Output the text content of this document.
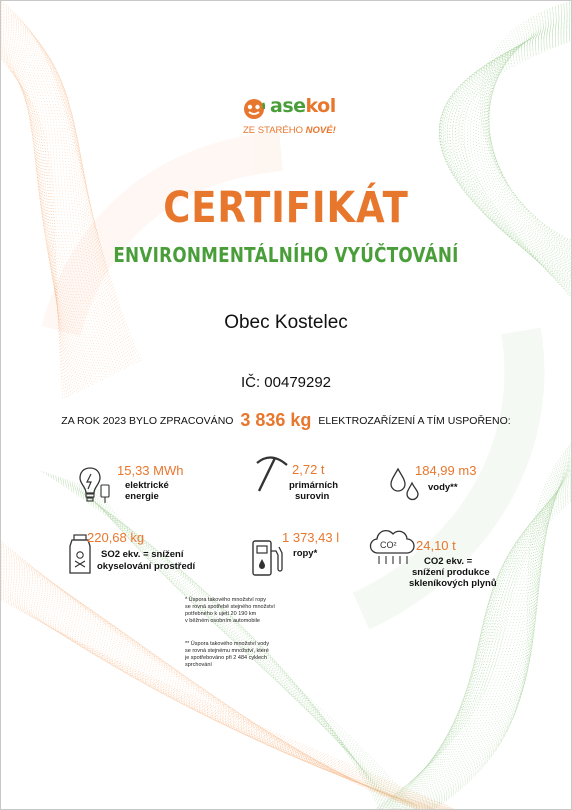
asekol
ZE STARÉHO NOVÉ!
CERTIFIKÁT
ENVIRONMENTÁLNÍHO VYÚČTOVÁNÍ
Obec Kostelec
IČ: 00479292
ZA ROK 2023 BYLO ZPRACOVÁNO 3 836 kg ELEKTROZAŘÍZENÍ A TÍM USPOŘENO:
15,33 MWh
elektrické
energie
2,72 t
primárních
surovin
184,99 m3
vody**
220,68 kg
SO2 ekv. = snížení
okyselování prostředí
1 373,43 l
ropy*
CO² 24,10 t
CO2 ekv. =
snížení produkce
skleníkových plynů
* Úspora takového množství ropy
se rovná spotřebě stejného množství
potřebného k ujetí 20 190 km
v běžném osobním automobile
** Úspora takového množství vody
se rovná stejnému množství, které
je spotřebováno při 2 484 cyklech
sprchování
